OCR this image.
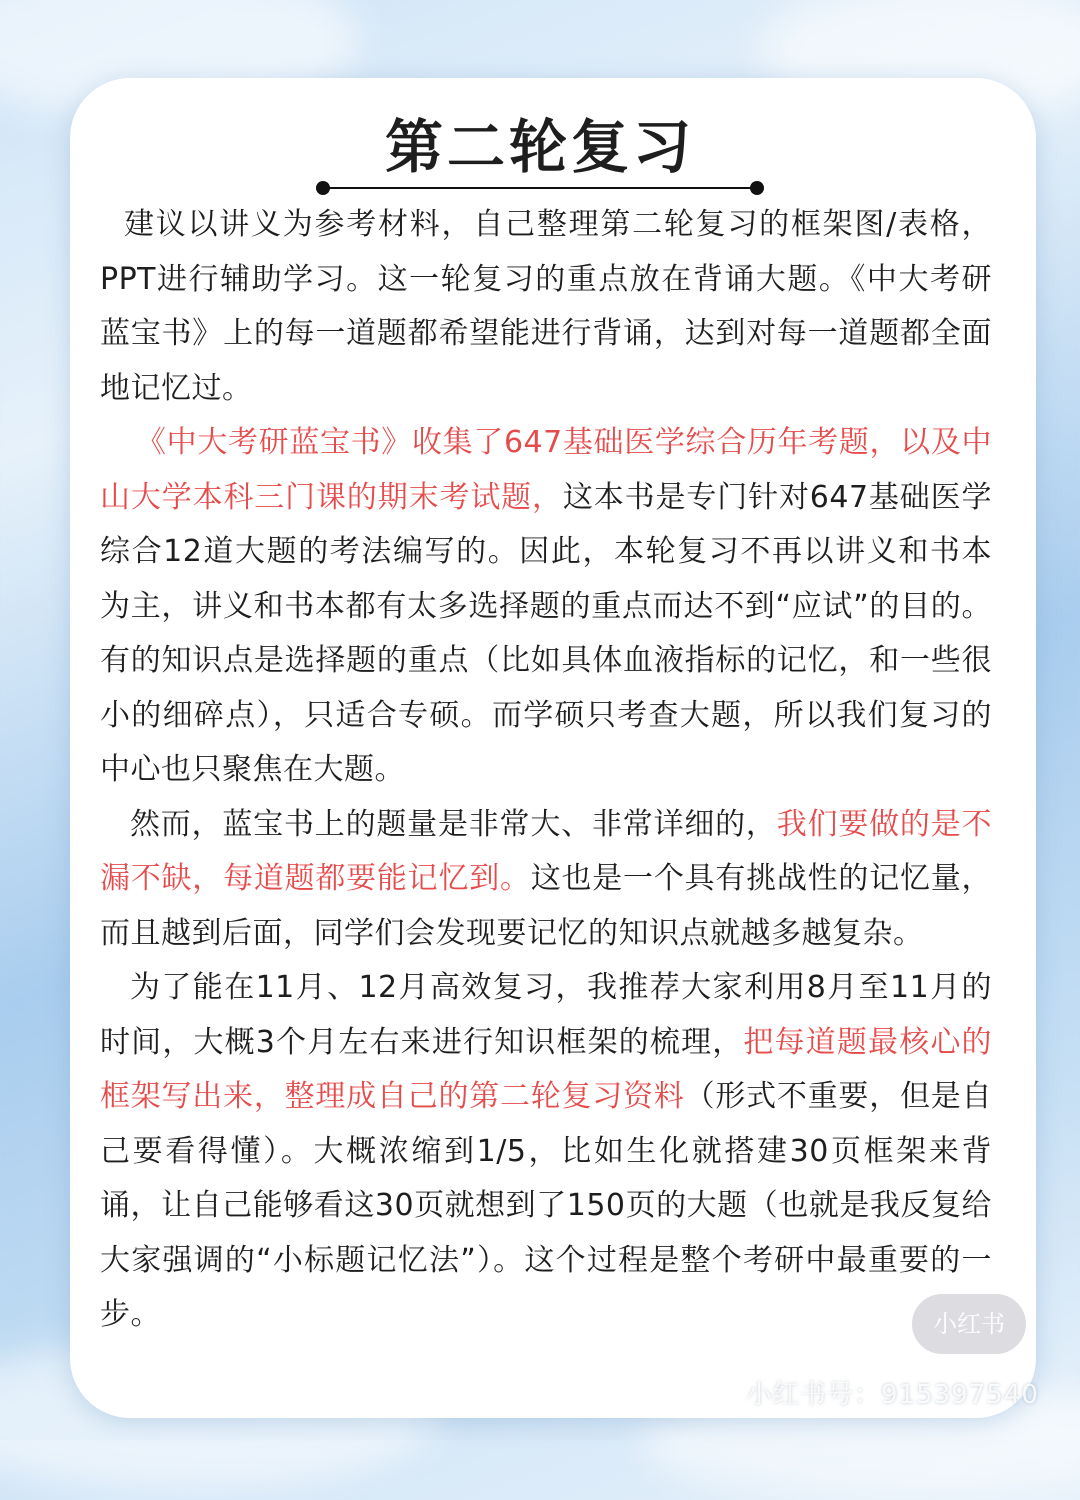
第二轮复习

建议以讲义为参考材料，自己整理第二轮复习的框架图/表格，PPT进行辅助学习。这一轮复习的重点放在背诵大题。《中大考研蓝宝书》上的每一道题都希望能进行背诵，达到对每一道题都全面地记忆过。

《中大考研蓝宝书》收集了647基础医学综合历年考题，以及中山大学本科三门课的期末考试题，这本书是专门针对647基础医学综合12道大题的考法编写的。因此，本轮复习不再以讲义和书本为主，讲义和书本都有太多选择题的重点而达不到“应试”的目的。有的知识点是选择题的重点（比如具体血液指标的记忆，和一些很小的细碎点），只适合专硕。而学硕只考查大题，所以我们复习的中心也只聚焦在大题。

然而，蓝宝书上的题量是非常大、非常详细的，我们要做的是不漏不缺，每道题都要能记忆到。这也是一个具有挑战性的记忆量，而且越到后面，同学们会发现要记忆的知识点就越多越复杂。

为了能在11月、12月高效复习，我推荐大家利用8月至11月的时间，大概3个月左右来进行知识框架的梳理，把每道题最核心的框架写出来，整理成自己的第二轮复习资料（形式不重要，但是自己要看得懂）。大概浓缩到1/5，比如生化就搭建30页框架来背诵，让自己能够看这30页就想到了150页的大题（也就是我反复给大家强调的“小标题记忆法”）。这个过程是整个考研中最重要的一步。	小红书
小红书号：915397540
